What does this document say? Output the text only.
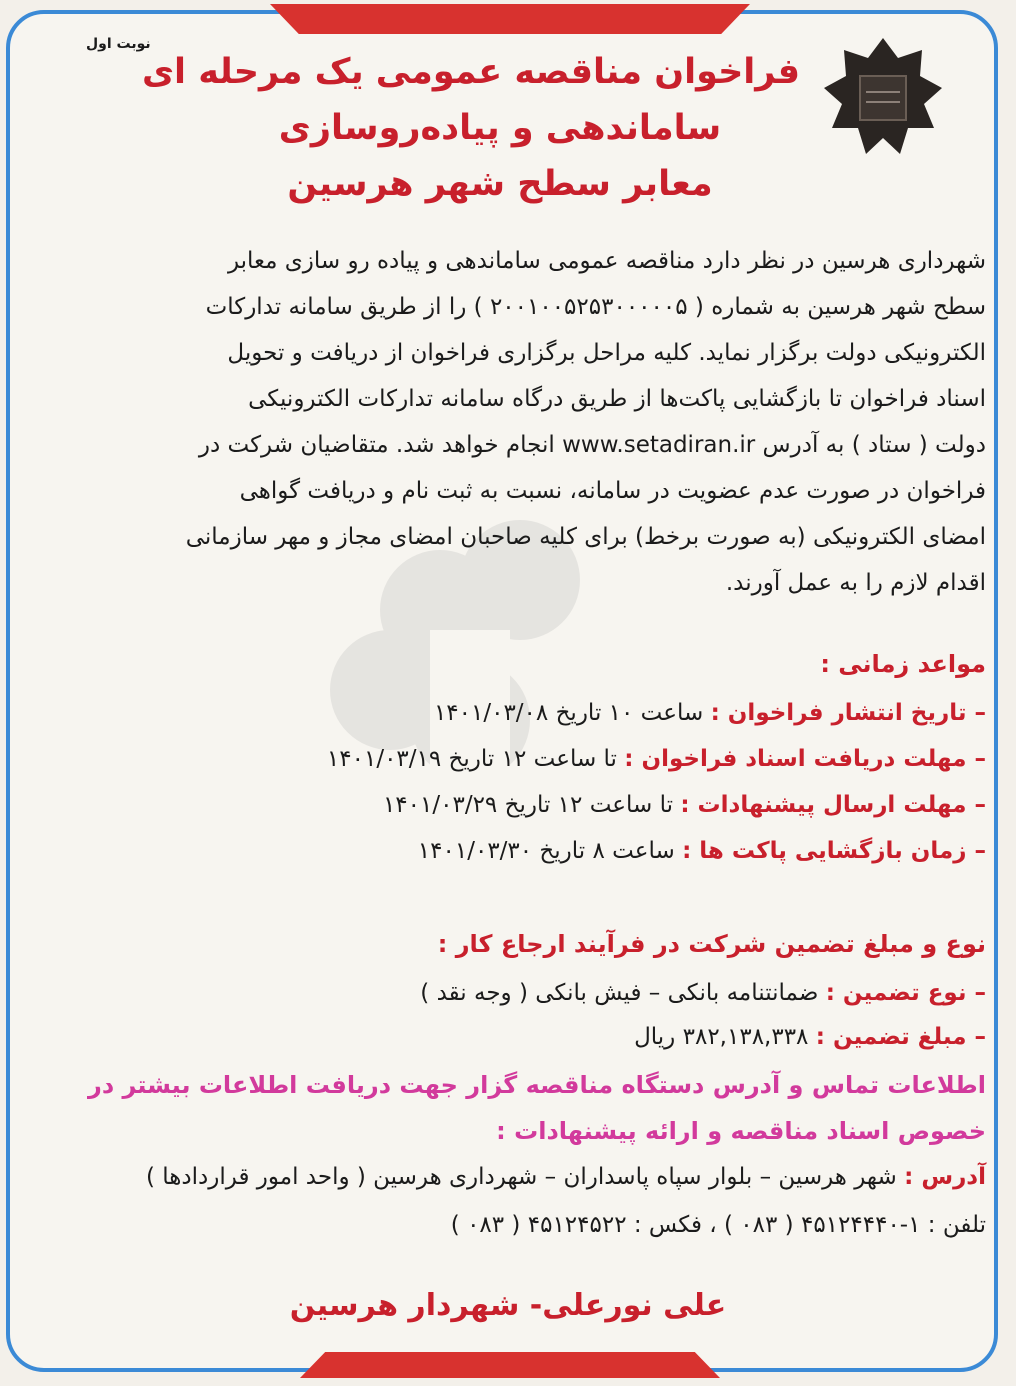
نوبت اول
فراخوان مناقصه عمومی یک مرحله ای
ساماندهی و پیاده‌روسازی
معابر سطح شهر هرسین
شهرداری هرسین در نظر دارد مناقصه عمومی ساماندهی و پیاده رو سازی معابر
سطح شهر هرسین به شماره ( ۲۰۰۱۰۰۵۲۵۳۰۰۰۰۰۵ ) را از طریق سامانه تدارکات
الکترونیکی دولت برگزار نماید. کلیه مراحل برگزاری فراخوان از دریافت و تحویل
اسناد فراخوان تا بازگشایی پاکت‌ها از طریق درگاه سامانه تدارکات الکترونیکی
دولت ( ستاد ) به آدرس www.setadiran.ir انجام خواهد شد. متقاضیان شرکت در
فراخوان در صورت عدم عضویت در سامانه، نسبت به ثبت نام و دریافت گواهی
امضای الکترونیکی (به صورت برخط) برای کلیه صاحبان امضای مجاز و مهر سازمانی
اقدام لازم را به عمل آورند.
مواعد زمانی :
– تاریخ انتشار فراخوان : ساعت ۱۰ تاریخ ۱۴۰۱/۰۳/۰۸
– مهلت دریافت اسناد فراخوان : تا ساعت ۱۲ تاریخ ۱۴۰۱/۰۳/۱۹
– مهلت ارسال پیشنهادات : تا ساعت ۱۲ تاریخ ۱۴۰۱/۰۳/۲۹
– زمان بازگشایی پاکت ها : ساعت ۸ تاریخ ۱۴۰۱/۰۳/۳۰
نوع و مبلغ تضمین شرکت در فرآیند ارجاع کار :
– نوع تضمین : ضمانتنامه بانکی – فیش بانکی ( وجه نقد )
– مبلغ تضمین : ۳۸۲,۱۳۸,۳۳۸ ریال
اطلاعات تماس و آدرس دستگاه مناقصه گزار جهت دریافت اطلاعات بیشتر در
خصوص اسناد مناقصه و ارائه پیشنهادات :
آدرس : شهر هرسین – بلوار سپاه پاسداران – شهرداری هرسین ( واحد امور قراردادها )
تلفن : ۱-۴۵۱۲۴۴۴۰ ( ۰۸۳ ) ، فکس : ۴۵۱۲۴۵۲۲ ( ۰۸۳ )
علی نورعلی- شهردار هرسین
